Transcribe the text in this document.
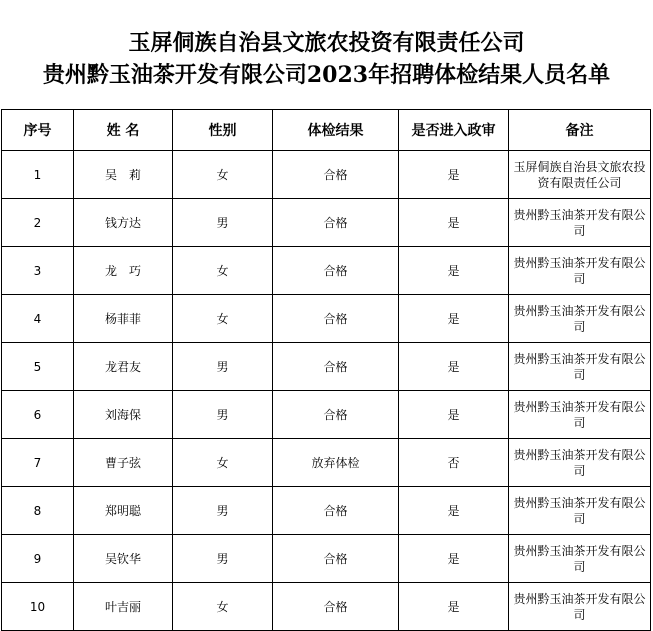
玉屏侗族自治县文旅农投资有限责任公司
贵州黔玉油茶开发有限公司2023年招聘体检结果人员名单
序号	姓 名	性别	体检结果	是否进入政审	备注
1	吴　莉	女	合格	是	玉屏侗族自治县文旅农投资有限责任公司
2	钱方达	男	合格	是	贵州黔玉油茶开发有限公司
3	龙　巧	女	合格	是	贵州黔玉油茶开发有限公司
4	杨菲菲	女	合格	是	贵州黔玉油茶开发有限公司
5	龙君友	男	合格	是	贵州黔玉油茶开发有限公司
6	刘海保	男	合格	是	贵州黔玉油茶开发有限公司
7	曹子弦	女	放弃体检	否	贵州黔玉油茶开发有限公司
8	郑明聪	男	合格	是	贵州黔玉油茶开发有限公司
9	吴钦华	男	合格	是	贵州黔玉油茶开发有限公司
10	叶吉丽	女	合格	是	贵州黔玉油茶开发有限公司
